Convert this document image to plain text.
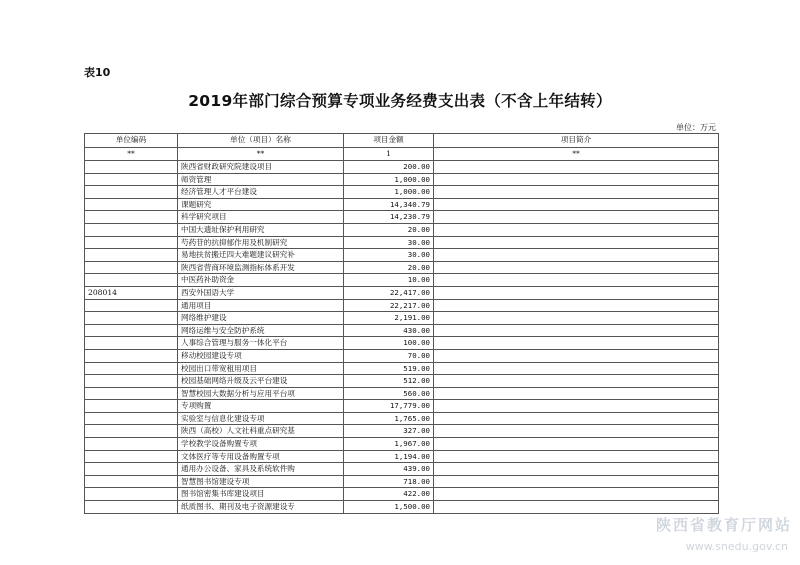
表10
2019年部门综合预算专项业务经费支出表（不含上年结转）
单位：万元
单位编码	单位（项目）名称	项目金额	项目简介
**	**	1	**
	陕西省财政研究院建设项目	200.00	
	师资管理	1,000.00	
	经济管理人才平台建设	1,000.00	
	课题研究	14,340.79	
	科学研究项目	14,230.79	
	中国大遗址保护利用研究	20.00	
	芍药苷的抗抑郁作用及机制研究	30.00	
	易地扶贫搬迁四大难题建议研究补	30.00	
	陕西省营商环境监测指标体系开发	20.00	
	中医药补助资金	10.00	
208014	西安外国语大学	22,417.00	
	通用项目	22,217.00	
	网络维护建设	2,191.00	
	网络运维与安全防护系统	430.00	
	人事综合管理与服务一体化平台	100.00	
	移动校园建设专项	70.00	
	校园出口带宽租用项目	519.00	
	校园基础网络升级及云平台建设	512.00	
	智慧校园大数据分析与应用平台项	560.00	
	专项购置	17,779.00	
	实验室与信息化建设专项	1,765.00	
	陕西（高校）人文社科重点研究基	327.00	
	学校教学设备购置专项	1,967.00	
	文体医疗等专用设备购置专项	1,194.00	
	通用办公设备、家具及系统软件购	439.00	
	智慧图书馆建设专项	718.00	
	图书馆密集书库建设项目	422.00	
	纸质图书、期刊及电子资源建设专	1,500.00	
陕西省教育厅网站
www.snedu.gov.cn
